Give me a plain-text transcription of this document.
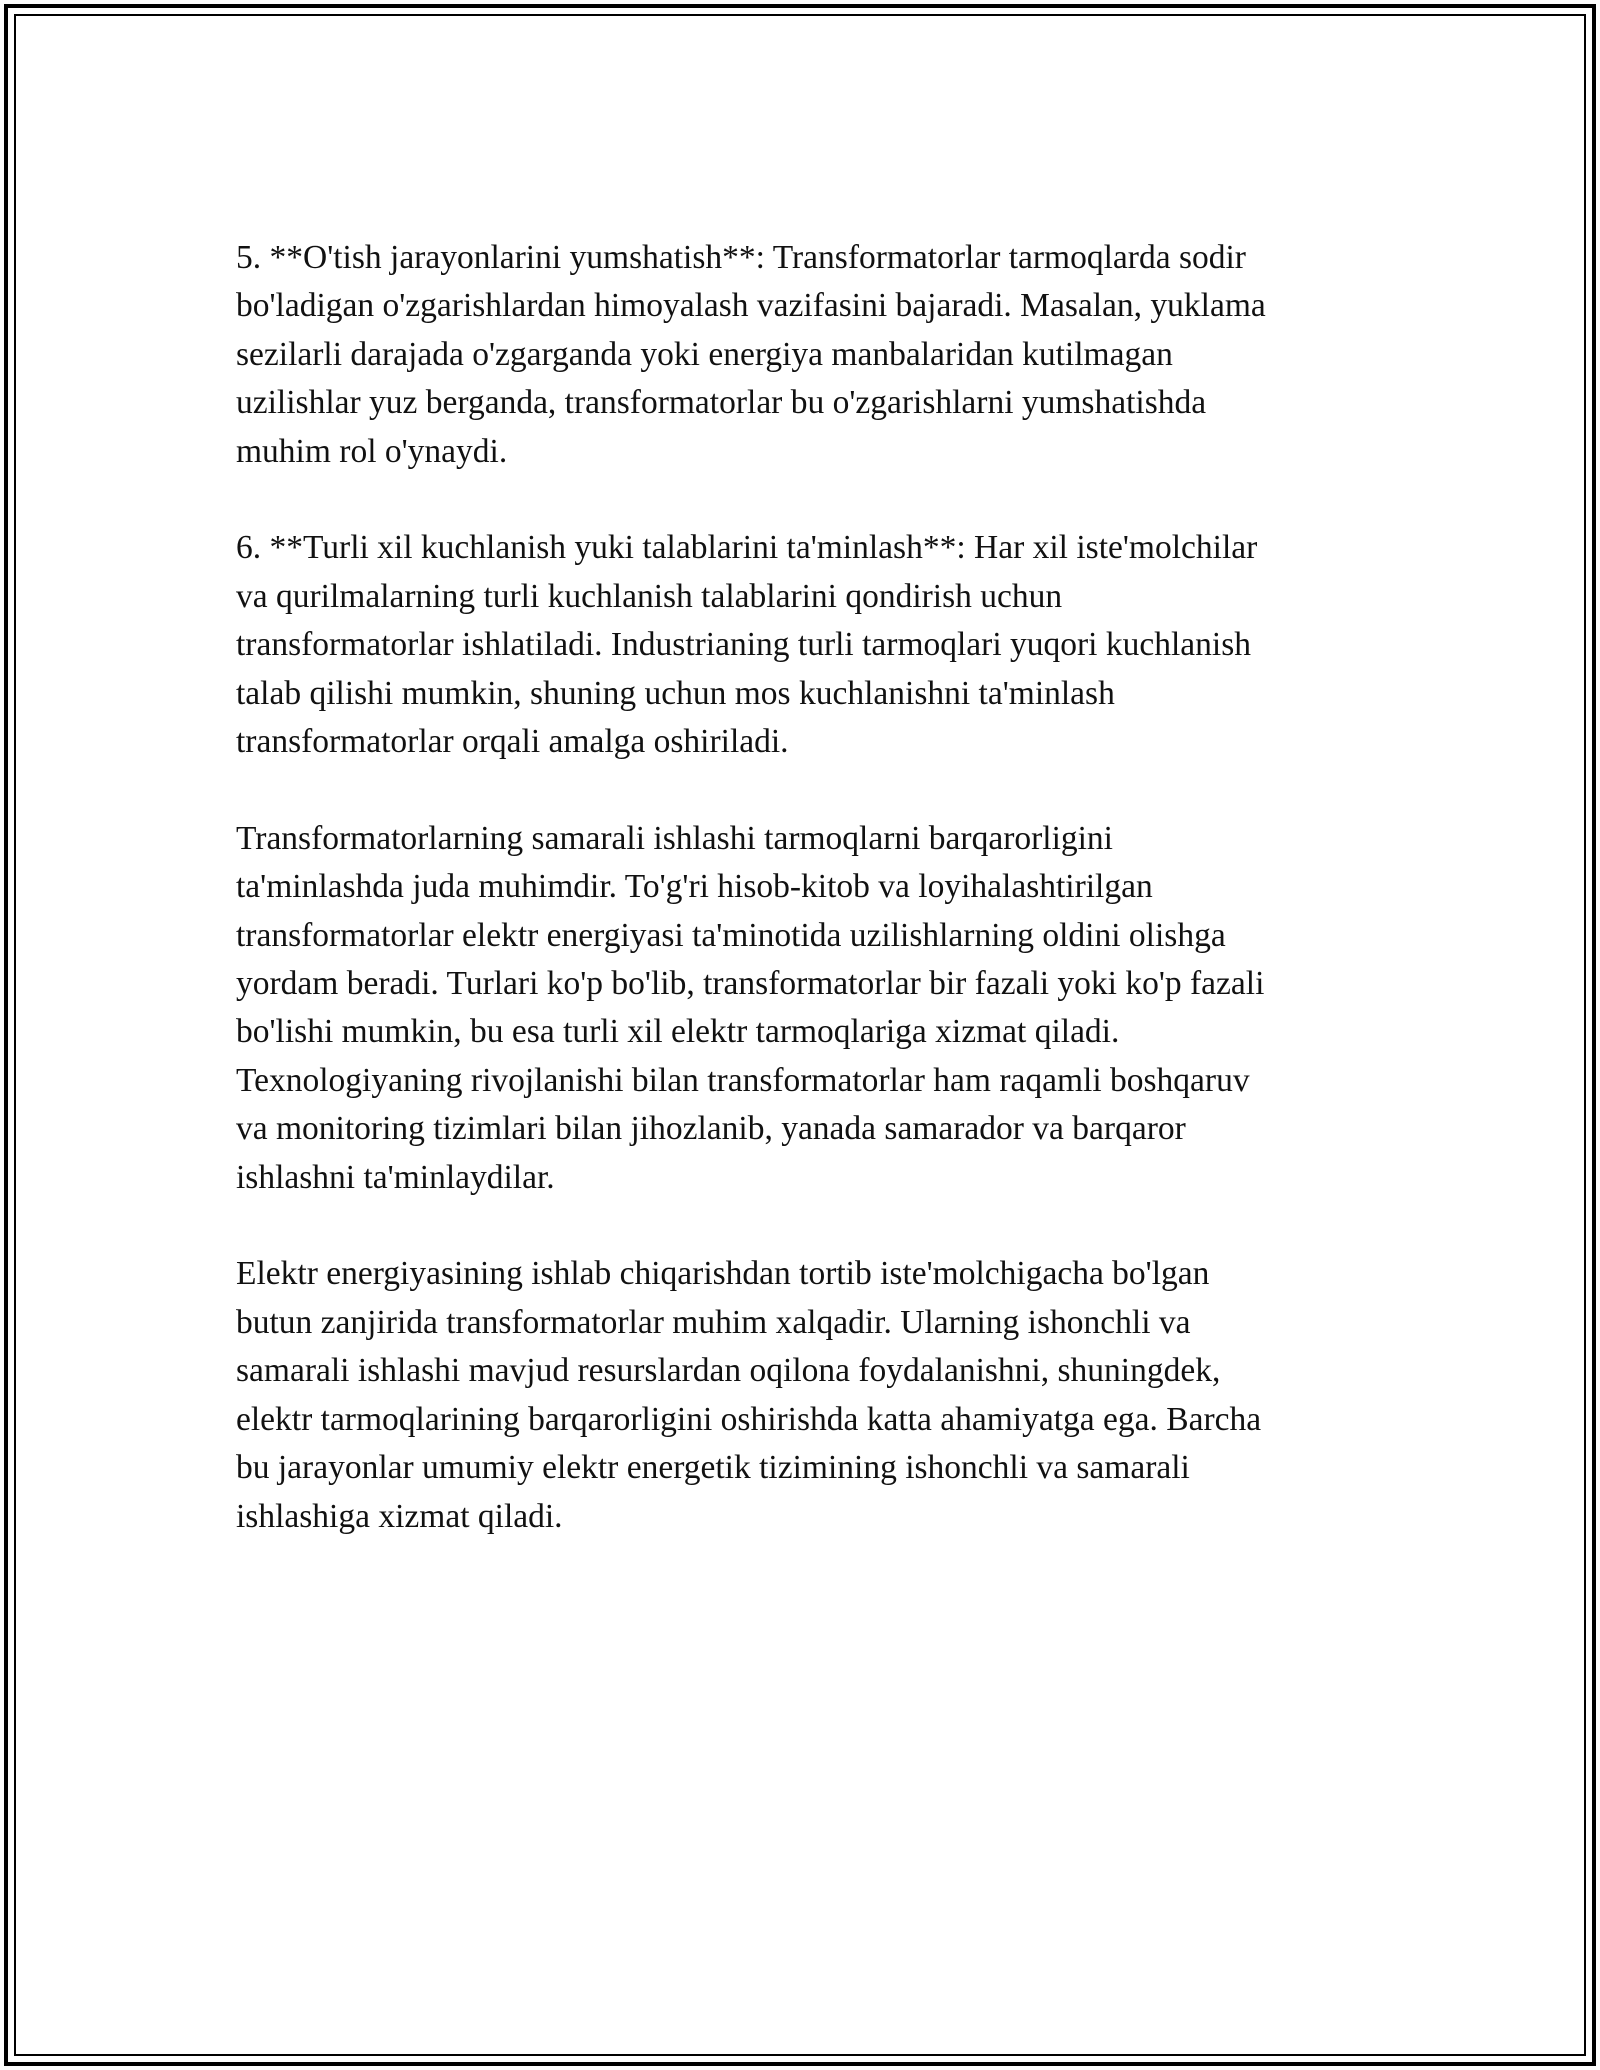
5. **O'tish jarayonlarini yumshatish**: Transformatorlar tarmoqlarda sodir
bo'ladigan o'zgarishlardan himoyalash vazifasini bajaradi. Masalan, yuklama
sezilarli darajada o'zgarganda yoki energiya manbalaridan kutilmagan
uzilishlar yuz berganda, transformatorlar bu o'zgarishlarni yumshatishda
muhim rol o'ynaydi.

6. **Turli xil kuchlanish yuki talablarini ta'minlash**: Har xil iste'molchilar
va qurilmalarning turli kuchlanish talablarini qondirish uchun
transformatorlar ishlatiladi. Industrianing turli tarmoqlari yuqori kuchlanish
talab qilishi mumkin, shuning uchun mos kuchlanishni ta'minlash
transformatorlar orqali amalga oshiriladi.

Transformatorlarning samarali ishlashi tarmoqlarni barqarorligini
ta'minlashda juda muhimdir. To'g'ri hisob-kitob va loyihalashtirilgan
transformatorlar elektr energiyasi ta'minotida uzilishlarning oldini olishga
yordam beradi. Turlari ko'p bo'lib, transformatorlar bir fazali yoki ko'p fazali
bo'lishi mumkin, bu esa turli xil elektr tarmoqlariga xizmat qiladi.
Texnologiyaning rivojlanishi bilan transformatorlar ham raqamli boshqaruv
va monitoring tizimlari bilan jihozlanib, yanada samarador va barqaror
ishlashni ta'minlaydilar.

Elektr energiyasining ishlab chiqarishdan tortib iste'molchigacha bo'lgan
butun zanjirida transformatorlar muhim xalqadir. Ularning ishonchli va
samarali ishlashi mavjud resurslardan oqilona foydalanishni, shuningdek,
elektr tarmoqlarining barqarorligini oshirishda katta ahamiyatga ega. Barcha
bu jarayonlar umumiy elektr energetik tizimining ishonchli va samarali
ishlashiga xizmat qiladi.
